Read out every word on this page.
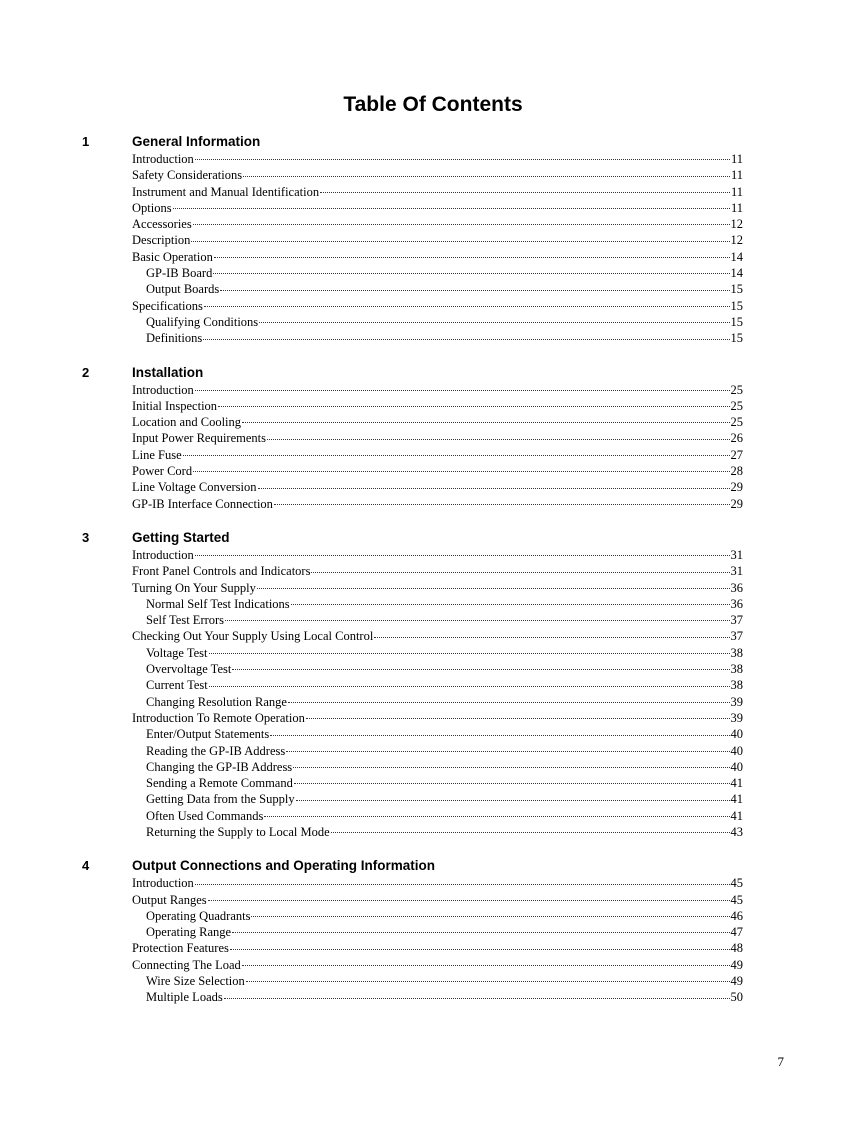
Table Of Contents
1	General Information
Introduction	11
Safety Considerations	11
Instrument and Manual Identification	11
Options	11
Accessories	12
Description	12
Basic Operation	14
GP-IB Board	14
Output Boards	15
Specifications	15
Qualifying Conditions	15
Definitions	15
2	Installation
Introduction	25
Initial Inspection	25
Location and Cooling	25
Input Power Requirements	26
Line Fuse	27
Power Cord	28
Line Voltage Conversion	29
GP-IB Interface Connection	29
3	Getting Started
Introduction	31
Front Panel Controls and Indicators	31
Turning On Your Supply	36
Normal Self Test Indications	36
Self Test Errors	37
Checking Out Your Supply Using Local Control	37
Voltage Test	38
Overvoltage Test	38
Current Test	38
Changing Resolution Range	39
Introduction To Remote Operation	39
Enter/Output Statements	40
Reading the GP-IB Address	40
Changing the GP-IB Address	40
Sending a Remote Command	41
Getting Data from the Supply	41
Often Used Commands	41
Returning the Supply to Local Mode	43
4	Output Connections and Operating Information
Introduction	45
Output Ranges	45
Operating Quadrants	46
Operating Range	47
Protection Features	48
Connecting The Load	49
Wire Size Selection	49
Multiple Loads	50
7
